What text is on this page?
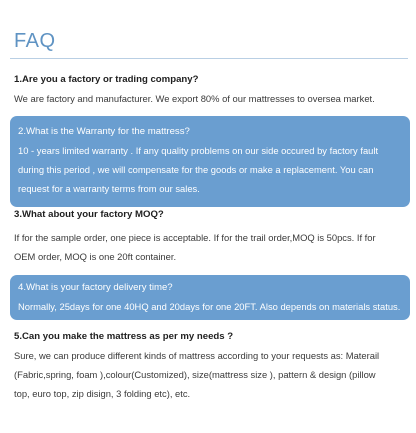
FAQ
1.Are you a factory or trading company?
We are factory and manufacturer. We export 80% of our mattresses to oversea market.
2.What is the Warranty for the mattress?
10 - years limited warranty . If any quality problems on our side occured by factory fault
during this period , we will compensate for the goods or make a replacement. You can
request for a warranty terms from our sales.
3.What about your factory MOQ?
If for the sample order, one piece is acceptable. If for the trail order,MOQ is 50pcs. If for
OEM order, MOQ is one 20ft container.
4.What is your factory delivery time?
Normally, 25days for one 40HQ and 20days for one 20FT. Also depends on materials status.
5.Can you make the mattress as per my needs ?
Sure, we can produce different kinds of mattress according to your requests as: Materail
(Fabric,spring, foam ),colour(Customized), size(mattress size ), pattern & design (pillow
top, euro top, zip disign, 3 folding etc), etc.
